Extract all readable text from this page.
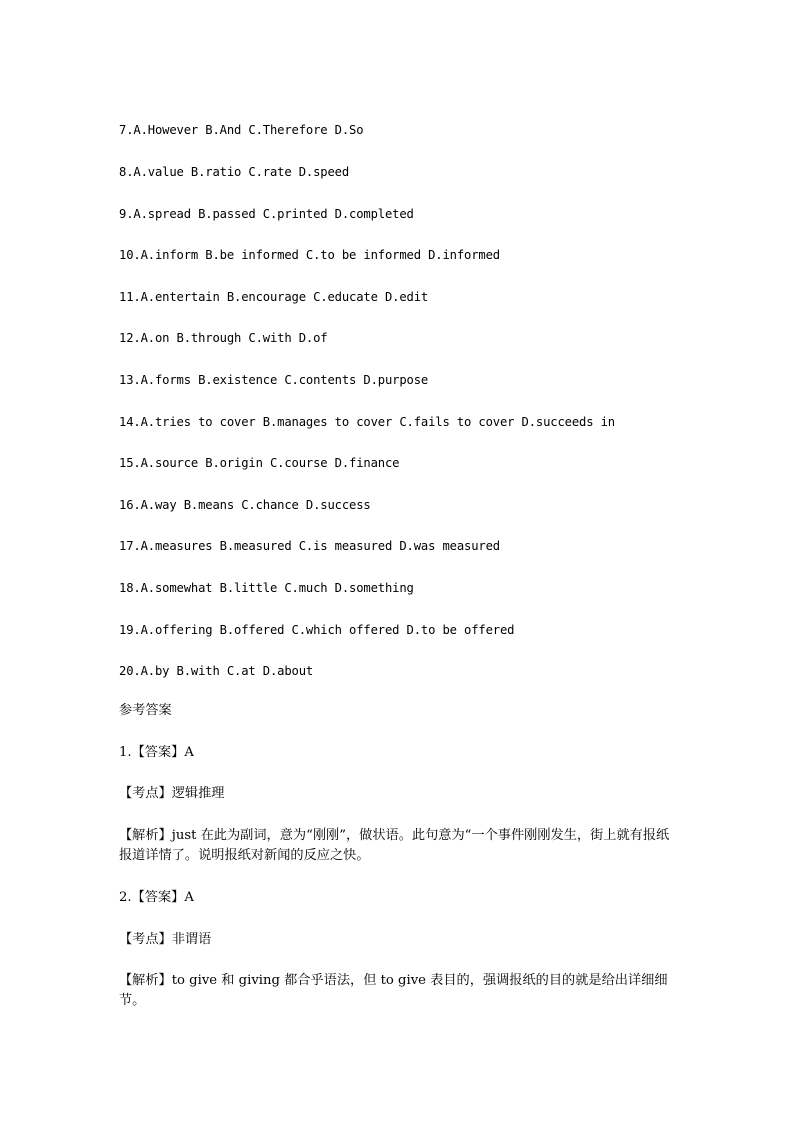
7.A.However B.And C.Therefore D.So
8.A.value B.ratio C.rate D.speed
9.A.spread B.passed C.printed D.completed
10.A.inform B.be informed C.to be informed D.informed
11.A.entertain B.encourage C.educate D.edit
12.A.on B.through C.with D.of
13.A.forms B.existence C.contents D.purpose
14.A.tries to cover B.manages to cover C.fails to cover D.succeeds in
15.A.source B.origin C.course D.finance
16.A.way B.means C.chance D.success
17.A.measures B.measured C.is measured D.was measured
18.A.somewhat B.little C.much D.something
19.A.offering B.offered C.which offered D.to be offered
20.A.by B.with C.at D.about
参考答案
1.【答案】A
【考点】逻辑推理
【解析】just 在此为副词，意为“刚刚”，做状语。此句意为“一个事件刚刚发生，街上就有报纸报道详情了。说明报纸对新闻的反应之快。
2.【答案】A
【考点】非谓语
【解析】to give 和 giving 都合乎语法，但 to give 表目的，强调报纸的目的就是给出详细细节。
